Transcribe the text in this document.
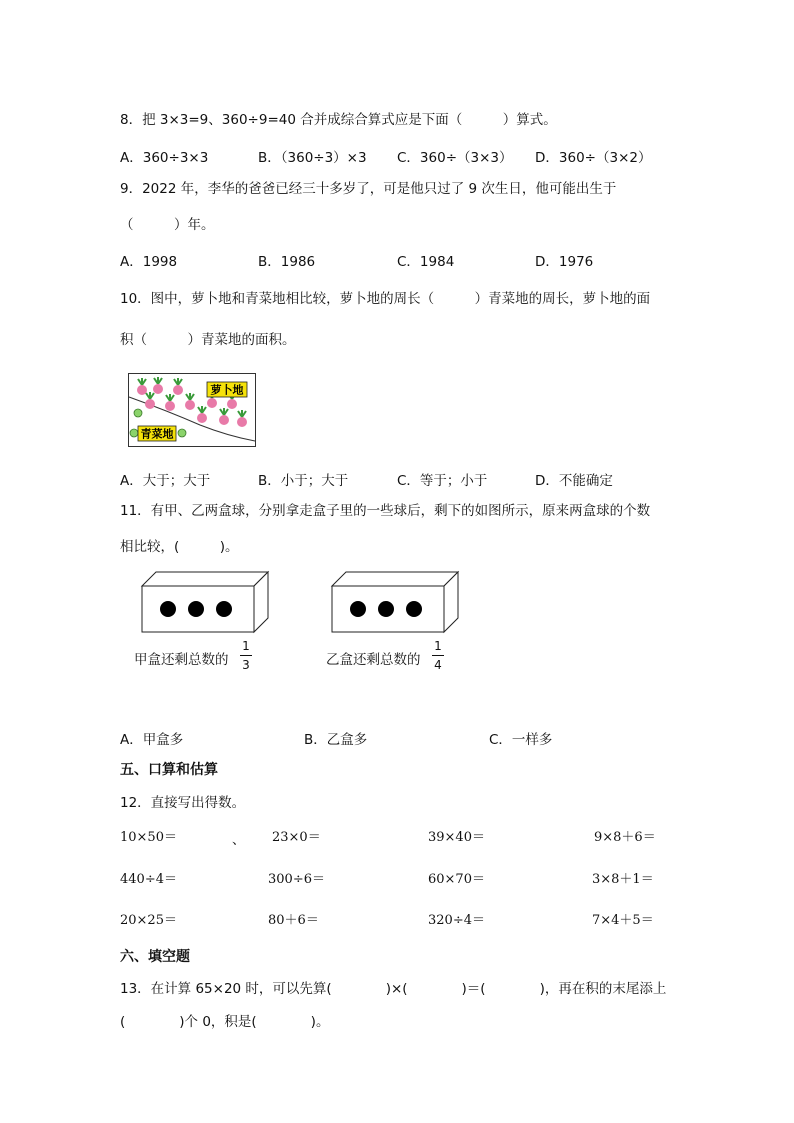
8．把 3×3=9、360÷9=40 合并成综合算式应是下面（　　　）算式。
A．360÷3×3	B．（360÷3）×3 C．360÷（3×3） D．360÷（3×2）
9．2022 年，李华的爸爸已经三十多岁了，可是他只过了 9 次生日，他可能出生于
（　　　）年。
A．1998	B．1986	C．1984	D．1976
10．图中，萝卜地和青菜地相比较，萝卜地的周长（　　　）青菜地的周长，萝卜地的面
积（　　　）青菜地的面积。
萝卜地
青菜地
A．大于；大于	B．小于；大于	C．等于；小于	D．不能确定
11．有甲、乙两盒球，分别拿走盒子里的一些球后，剩下的如图所示，原来两盒球的个数
相比较，(　　　)。
甲盒还剩总数的
1
3	乙盒还剩总数的
1
4
A．甲盒多	B．乙盒多	C．一样多
五、口算和估算
12．直接写出得数。
10×50＝	、 23×0＝	39×40＝	9×8＋6＝
440÷4＝	300÷6＝	60×70＝	3×8＋1＝
20×25＝	80＋6＝	320÷4＝	7×4＋5＝
六、填空题
13．在计算 65×20 时，可以先算(　　　　)×(　　　　)＝(　　　　)，再在积的末尾添上
(　　　　)个 0，积是(　　　　)。
